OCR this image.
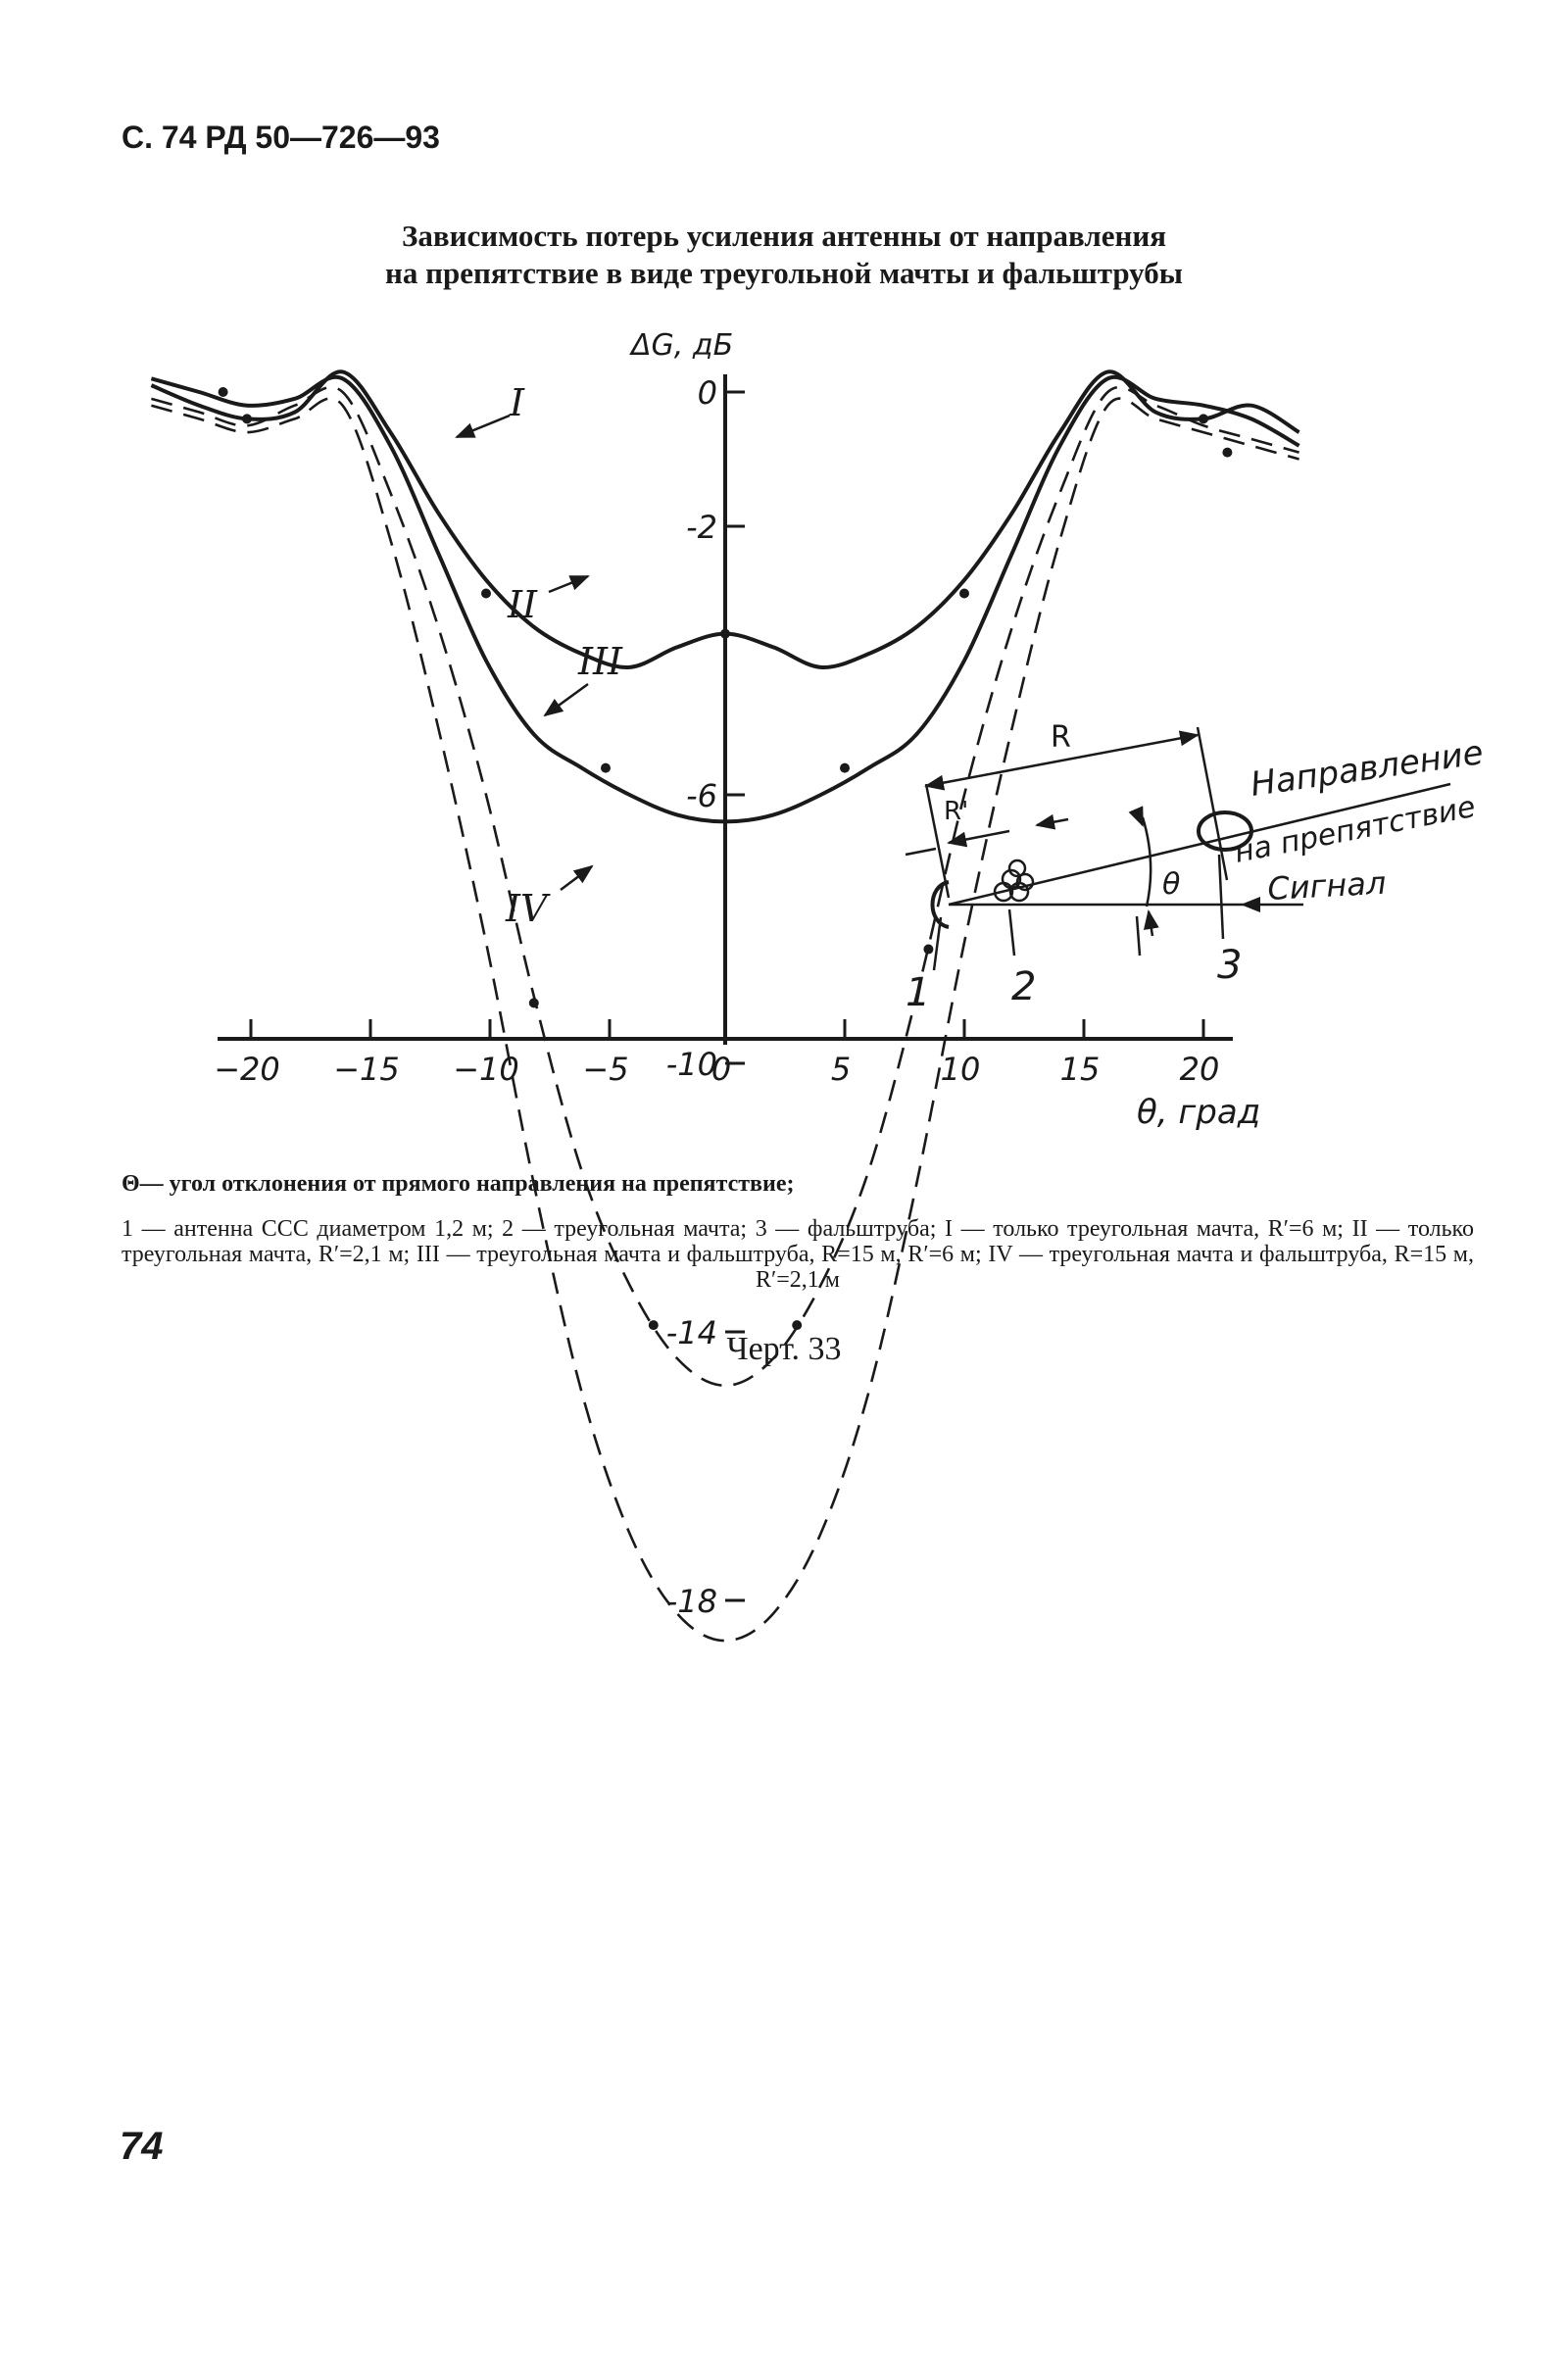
С. 74 РД 50—726—93
Зависимость потерь усиления антенны от направления
на препятствие в виде треугольной мачты и фальштрубы
−20 −15 −10 −5	0	5	10	15	20
0
-2
-6
-10
-14
-18
ΔG, дБ
θ, град
I
II
III
IV
R
R'
θ
Направление
на препятствие
Сигнал
1 2	3
Θ— угол отклонения от прямого направления на препятствие;
1 — антенна ССС диаметром 1,2 м; 2 — треугольная мачта; 3 — фальштруба; I — только треугольная мачта, R′=6 м; II — только треугольная мачта, R′=2,1 м; III — треугольная мачта и фальштруба, R=15 м, R′=6 м; IV — треугольная мачта и фальштруба, R=15 м, R′=2,1 м
Черт. 33
74
